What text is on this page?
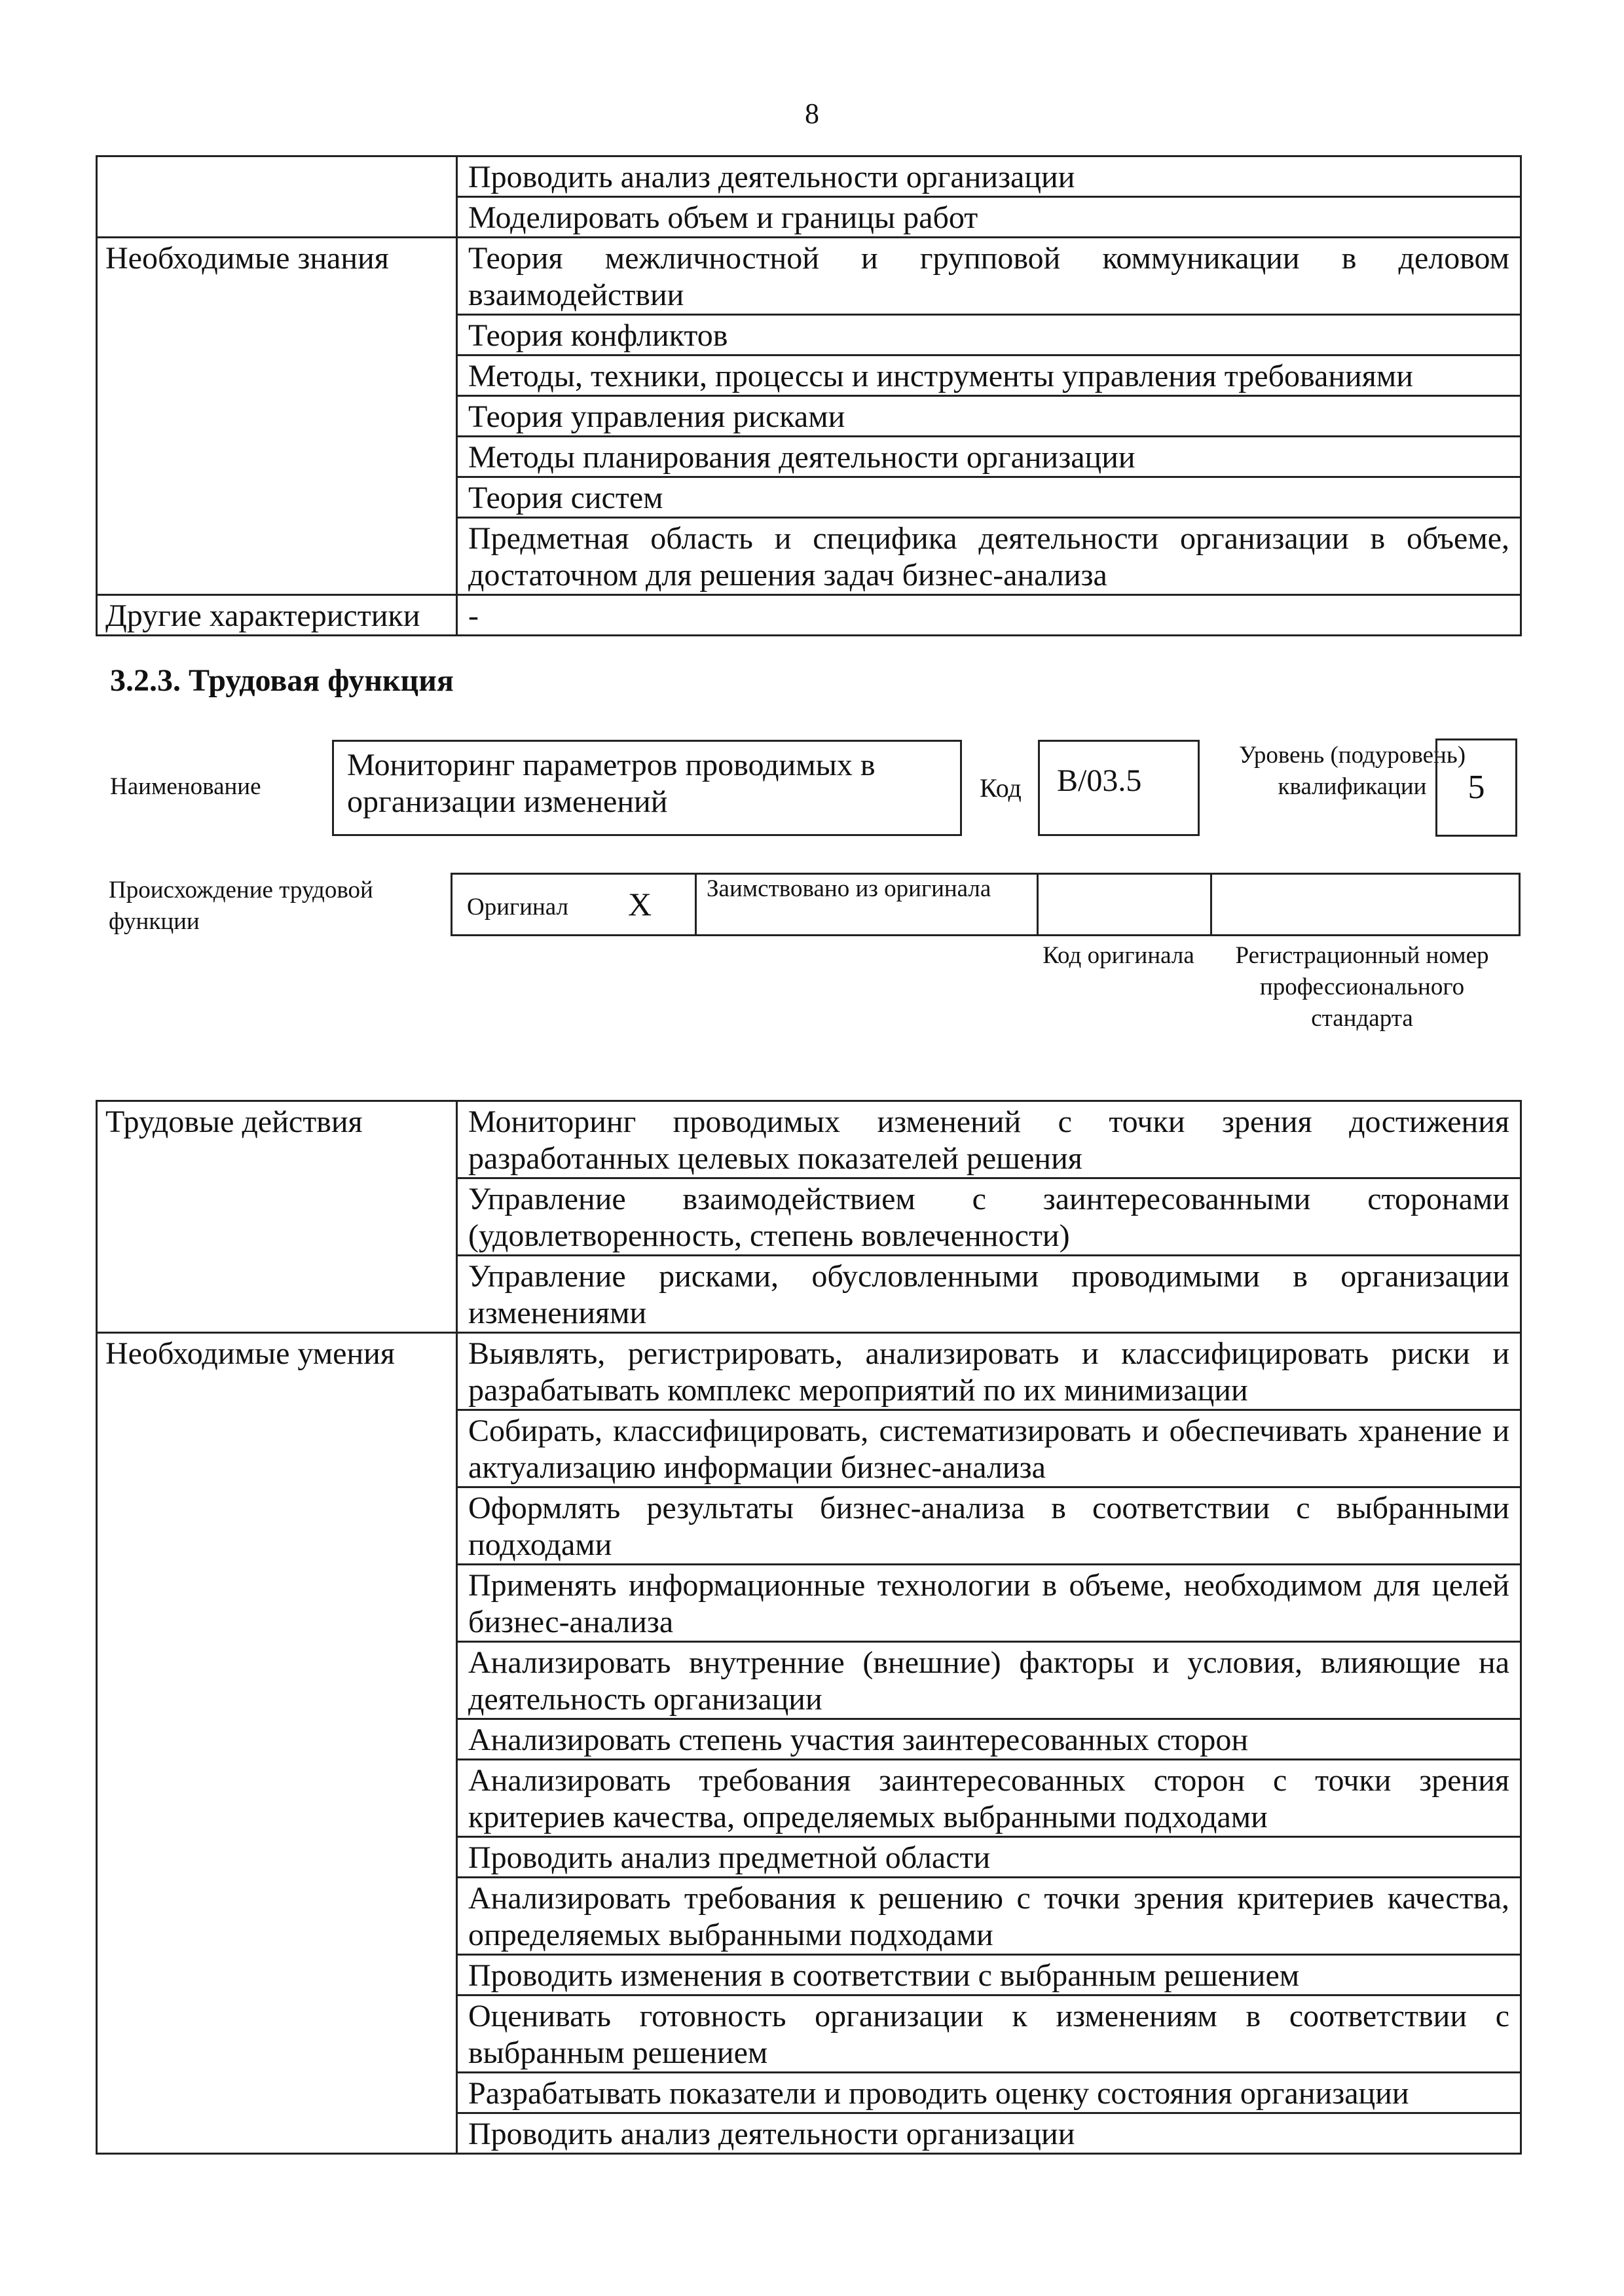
8
	Проводить анализ деятельности организации
	Моделировать объем и границы работ
Необходимые знания	Теория межличностной и групповой коммуникации в деловом взаимодействии
	Теория конфликтов
	Методы, техники, процессы и инструменты управления требованиями
	Теория управления рисками
	Методы планирования деятельности организации
	Теория систем
	Предметная область и специфика деятельности организации в объеме, достаточном для решения задач бизнес-анализа
Другие характеристики	-
3.2.3. Трудовая функция
Наименование
Мониторинг параметров проводимых в организации изменений	Код	B/03.5
Уровень (подуровень) квалификации	5
Происхождение трудовой функции
Оригинал X Заимствовано из оригинала
Код оригинала	Регистрационный номер профессионального стандарта
Трудовые действия	Мониторинг проводимых изменений с точки зрения достижения разработанных целевых показателей решения
	Управление взаимодействием с заинтересованными сторонами (удовлетворенность, степень вовлеченности)
	Управление рисками, обусловленными проводимыми в организации изменениями
Необходимые умения	Выявлять, регистрировать, анализировать и классифицировать риски и разрабатывать комплекс мероприятий по их минимизации
	Собирать, классифицировать, систематизировать и обеспечивать хранение и актуализацию информации бизнес-анализа
	Оформлять результаты бизнес-анализа в соответствии с выбранными подходами
	Применять информационные технологии в объеме, необходимом для целей бизнес-анализа
	Анализировать внутренние (внешние) факторы и условия, влияющие на деятельность организации
	Анализировать степень участия заинтересованных сторон
	Анализировать требования заинтересованных сторон с точки зрения критериев качества, определяемых выбранными подходами
	Проводить анализ предметной области
	Анализировать требования к решению с точки зрения критериев качества, определяемых выбранными подходами
	Проводить изменения в соответствии с выбранным решением
	Оценивать готовность организации к изменениям в соответствии с выбранным решением
	Разрабатывать показатели и проводить оценку состояния организации
	Проводить анализ деятельности организации
